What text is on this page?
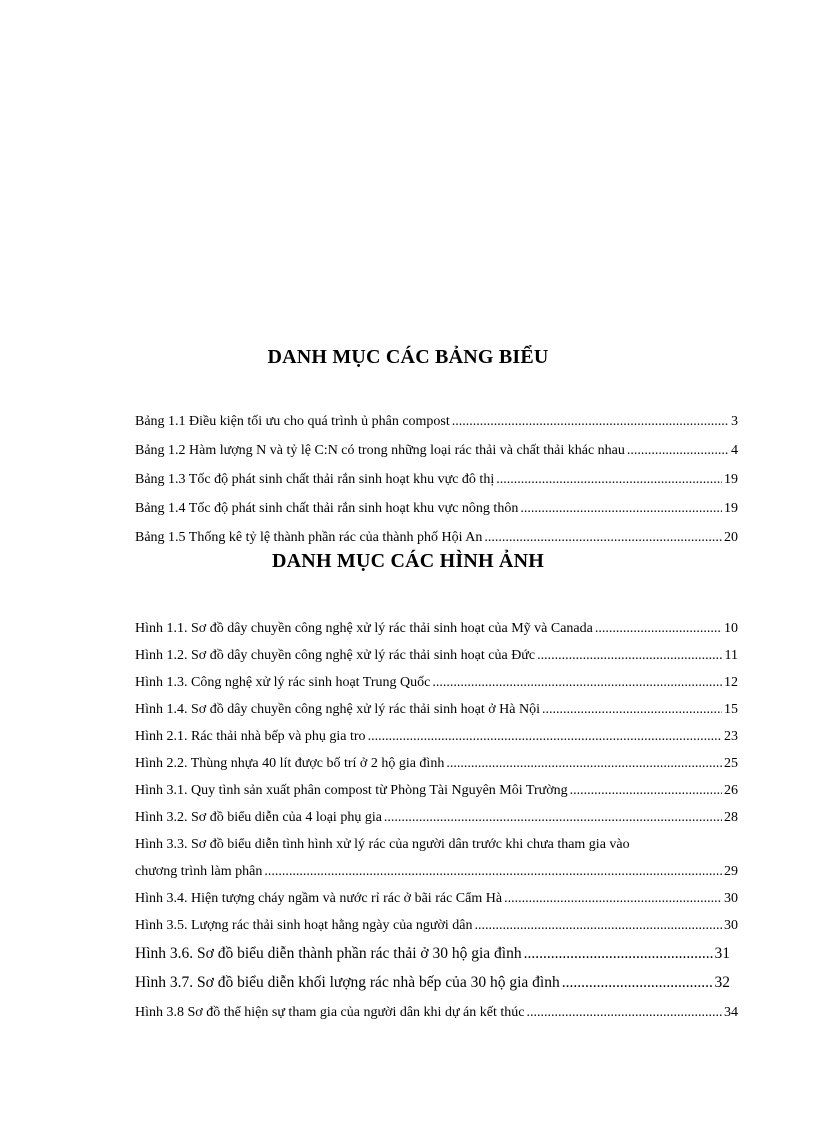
DANH MỤC CÁC BẢNG BIỂU
Bảng 1.1 Điều kiện tối ưu cho quá trình ủ phân compost .....	3
Bảng 1.2 Hàm lượng N và tỷ lệ C:N có trong những loại rác thải và chất thải khác nhau .....	4
Bảng 1.3 Tốc độ phát sinh chất thải rắn sinh hoạt khu vực đô thị .....	19
Bảng 1.4 Tốc độ phát sinh chất thải rắn sinh hoạt khu vực nông thôn .....	19
Bảng 1.5 Thống kê tỷ lệ thành phần rác của thành phố Hội An .....	20
DANH MỤC CÁC HÌNH ẢNH
Hình 1.1. Sơ đồ dây chuyền công nghệ xử lý rác thải sinh hoạt của Mỹ và Canada .....	10
Hình 1.2. Sơ đồ dây chuyền công nghệ xử lý rác thải sinh hoạt của Đức .....	11
Hình 1.3. Công nghệ xử lý rác sinh hoạt Trung Quốc .....	12
Hình 1.4. Sơ đồ dây chuyền công nghệ xử lý rác thải sinh hoạt ở Hà Nội .....	15
Hình 2.1. Rác thải nhà bếp và phụ gia tro .....	23
Hình 2.2. Thùng nhựa 40 lít được bố trí ở 2 hộ gia đình .....	25
Hình 3.1. Quy tình sản xuất phân compost từ Phòng Tài Nguyên Môi Trường .....	26
Hình 3.2. Sơ đồ biểu diễn của 4 loại phụ gia .....	28
Hình 3.3. Sơ đồ biểu diễn tình hình xử lý rác của người dân trước khi chưa tham gia vào
chương trình làm phân .....	29
Hình 3.4. Hiện tượng cháy ngầm và nước rỉ rác ở bãi rác Cẩm Hà .....	30
Hình 3.5. Lượng rác thải sinh hoạt hằng ngày của người dân .....	30
Hình 3.6. Sơ đồ biểu diễn thành phần rác thải ở 30 hộ gia đình .....	31
Hình 3.7. Sơ đồ biểu diễn khối lượng rác nhà bếp của 30 hộ gia đình .....	32
Hình 3.8 Sơ đồ thể hiện sự tham gia của người dân khi dự án kết thúc .....	34
